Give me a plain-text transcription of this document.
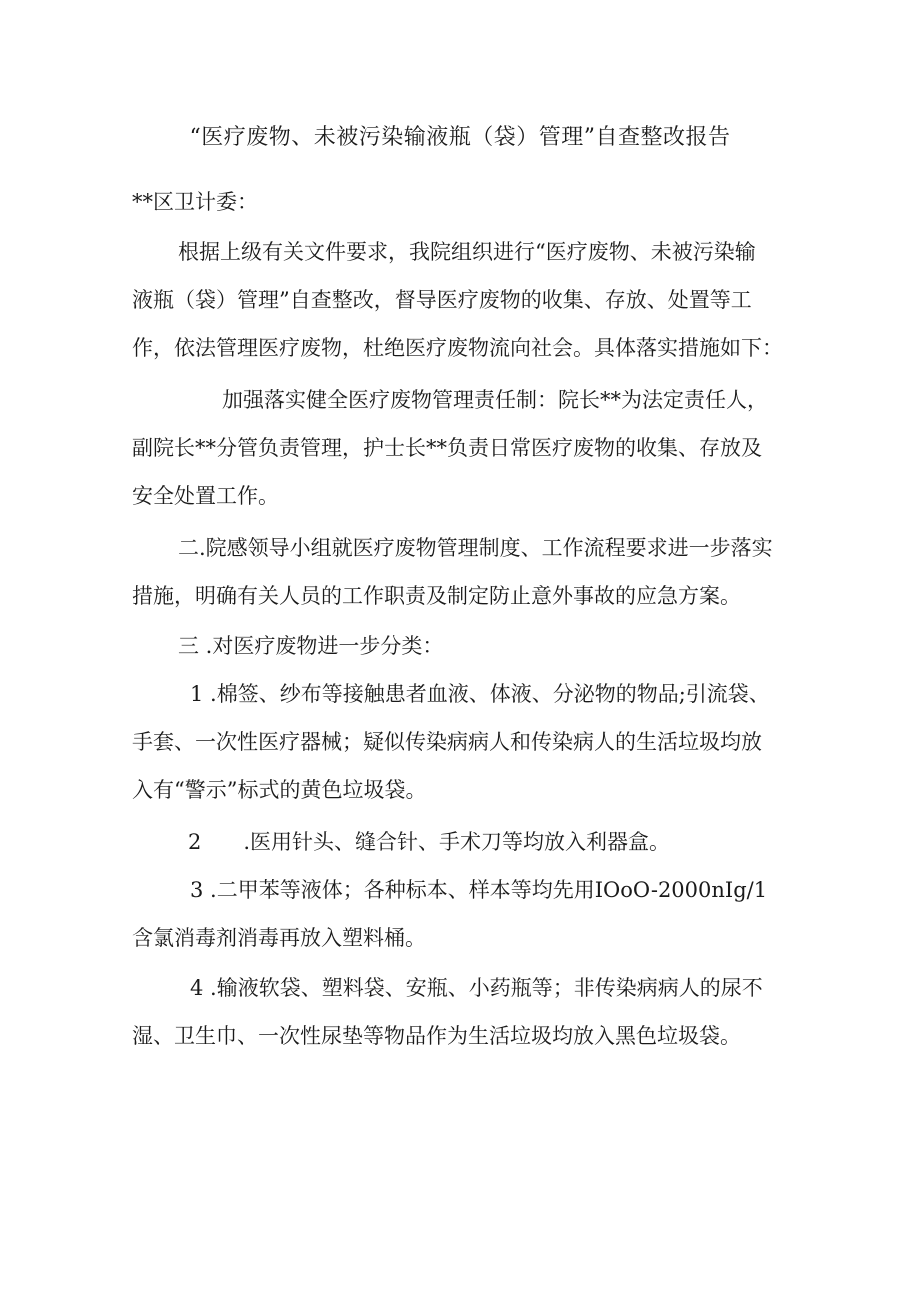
“医疗废物、未被污染输液瓶（袋）管理”自查整改报告
**区卫计委：
根据上级有关文件要求，我院组织进行“医疗废物、未被污染输
液瓶（袋）管理”自查整改，督导医疗废物的收集、存放、处置等工
作，依法管理医疗废物，杜绝医疗废物流向社会。具体落实措施如下：
加强落实健全医疗废物管理责任制：院长**为法定责任人，
副院长**分管负责管理，护士长**负责日常医疗废物的收集、存放及
安全处置工作。
二.院感领导小组就医疗废物管理制度、工作流程要求进一步落实
措施，明确有关人员的工作职责及制定防止意外事故的应急方案。
三 .对医疗废物进一步分类：
1 .棉签、纱布等接触患者血液、体液、分泌物的物品;引流袋、
手套、一次性医疗器械；疑似传染病病人和传染病人的生活垃圾均放
入有“警示”标式的黄色垃圾袋。
2　　.医用针头、缝合针、手术刀等均放入利器盒。
3 .二甲苯等液体；各种标本、样本等均先用IOoO-2000nIg/1
含氯消毒剂消毒再放入塑料桶。
4 .输液软袋、塑料袋、安瓶、小药瓶等；非传染病病人的尿不
湿、卫生巾、一次性尿垫等物品作为生活垃圾均放入黑色垃圾袋。
